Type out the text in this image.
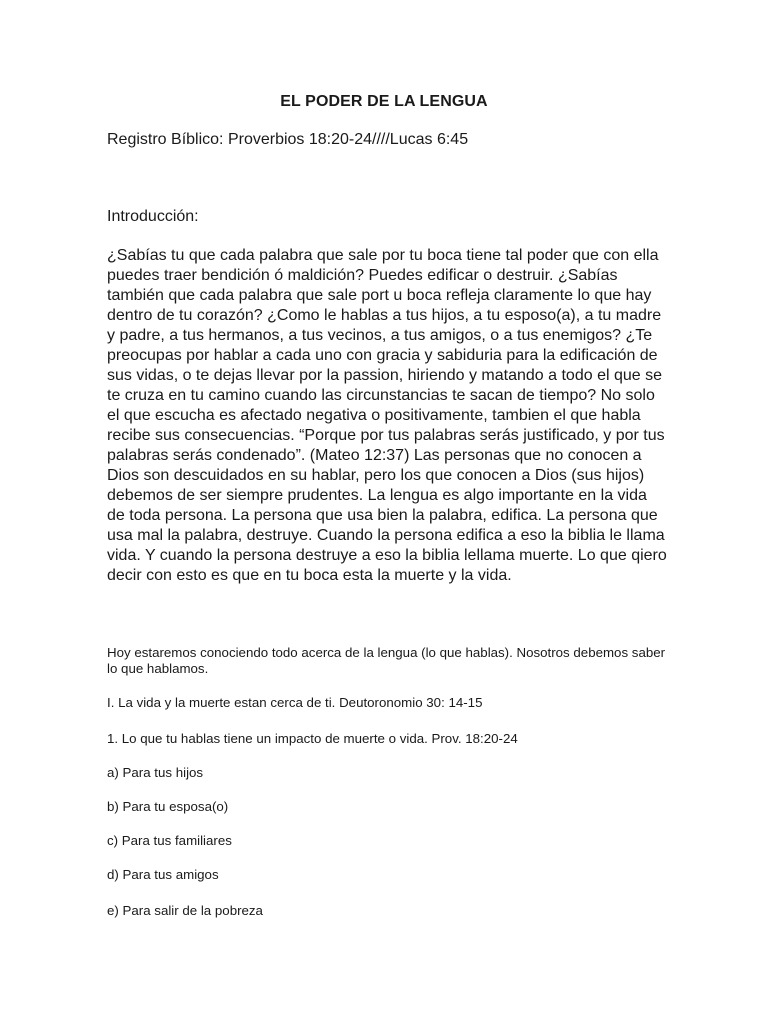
EL PODER DE LA LENGUA
Registro Bíblico: Proverbios 18:20-24////Lucas 6:45
Introducción:

¿Sabías tu que cada palabra que sale por tu boca tiene tal poder que con ella puedes traer bendición ó maldición? Puedes edificar o destruir. ¿Sabías también que cada palabra que sale port u boca refleja claramente lo que hay dentro de tu corazón? ¿Como le hablas a tus hijos, a tu esposo(a), a tu madre y padre, a tus hermanos, a tus vecinos, a tus amigos, o a tus enemigos? ¿Te preocupas por hablar a cada uno con gracia y sabiduria para la edificación de sus vidas, o te dejas llevar por la passion, hiriendo y matando a todo el que se te cruza en tu camino cuando las circunstancias te sacan de tiempo? No solo el que escucha es afectado negativa o positivamente, tambien el que habla recibe sus consecuencias. “Porque por tus palabras serás justificado, y por tus palabras serás condenado”. (Mateo 12:37) Las personas que no conocen a Dios son descuidados en su hablar, pero los que conocen a Dios (sus hijos) debemos de ser siempre prudentes. La lengua es algo importante en la vida de toda persona. La persona que usa bien la palabra, edifica. La persona que usa mal la palabra, destruye. Cuando la persona edifica a eso la biblia le llama vida. Y cuando la persona destruye a eso la biblia lellama muerte. Lo que qiero decir con esto es que en tu boca esta la muerte y la vida.

Hoy estaremos conociendo todo acerca de la lengua (lo que hablas). Nosotros debemos saber lo que hablamos.

I. La vida y la muerte estan cerca de ti. Deutoronomio 30: 14-15

1. Lo que tu hablas tiene un impacto de muerte o vida. Prov. 18:20-24

a) Para tus hijos

b) Para tu esposa(o)

c) Para tus familiares

d) Para tus amigos

e) Para salir de la pobreza
